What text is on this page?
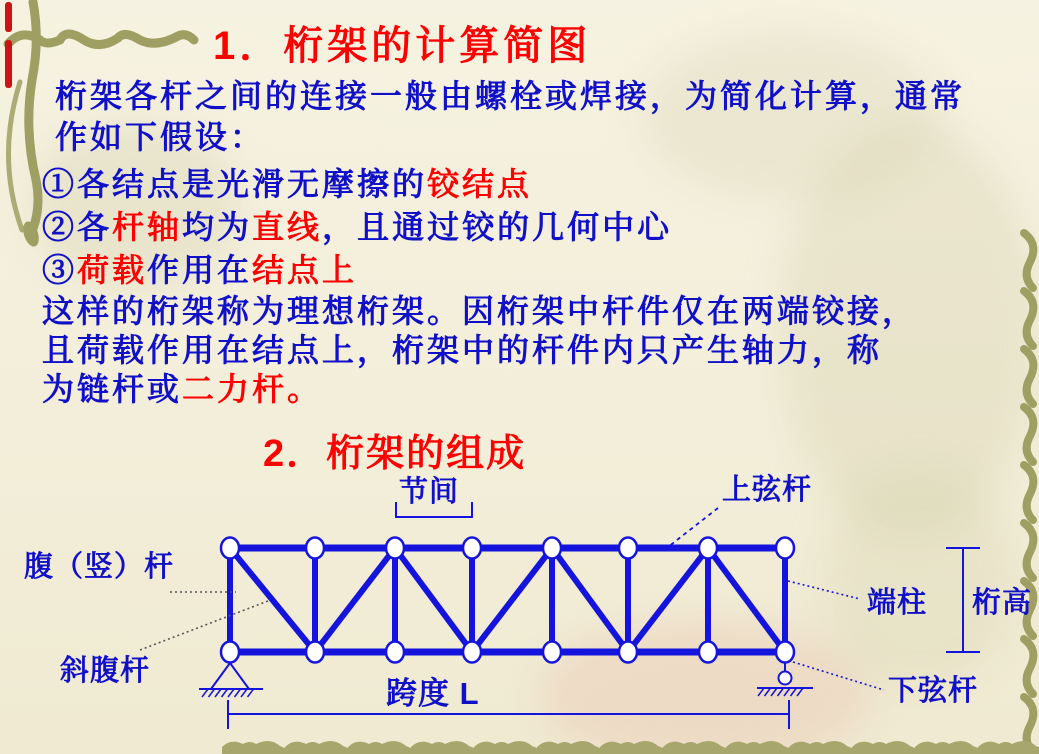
1．桁架的计算简图
桁架各杆之间的连接一般由螺栓或焊接，为简化计算，通常
作如下假设：
①各结点是光滑无摩擦的铰结点
②各杆轴均为直线，且通过铰的几何中心
③荷载作用在结点上
这样的桁架称为理想桁架。因桁架中杆件仅在两端铰接，
且荷载作用在结点上，桁架中的杆件内只产生轴力，称
为链杆或二力杆。
2．桁架的组成
节间	上弦杆
腹（竖）杆
端柱 桁高
斜腹杆
跨度 L	下弦杆
